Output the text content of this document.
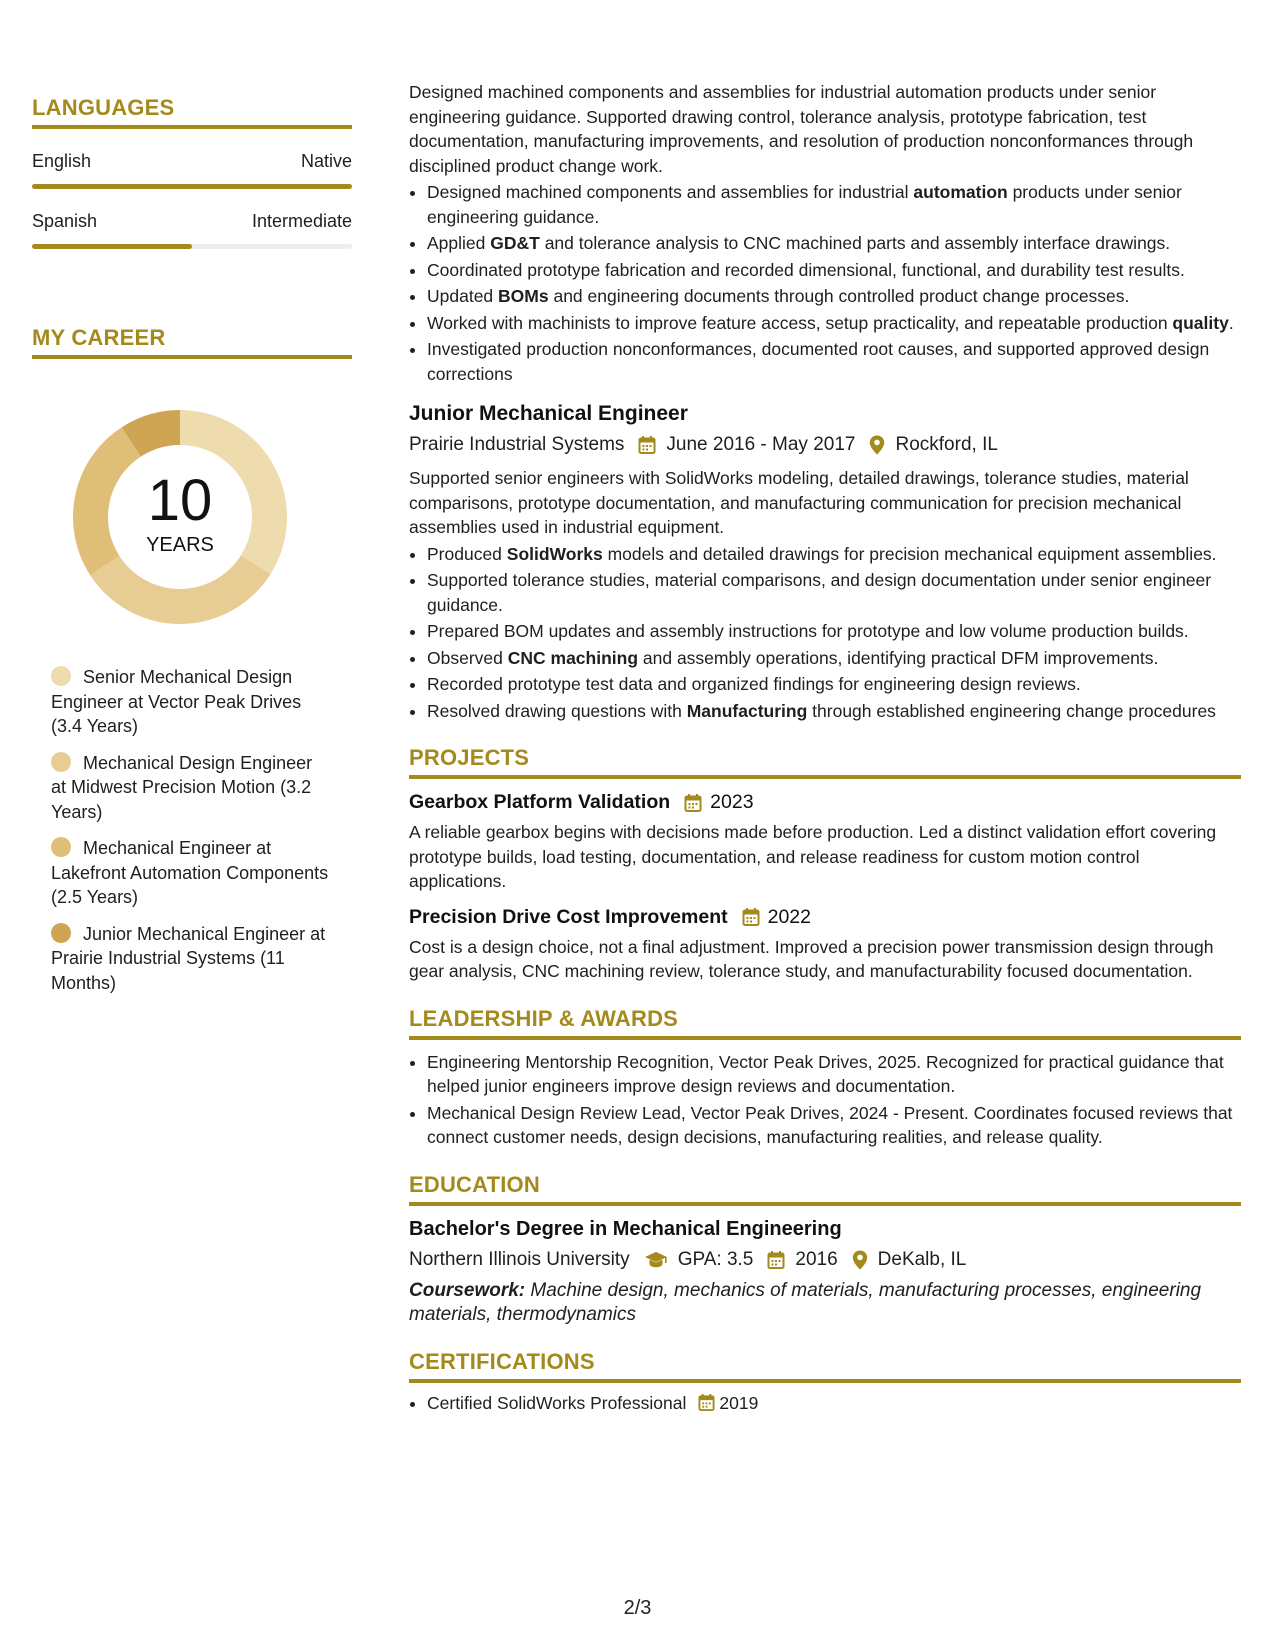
LANGUAGES
English	Native
Spanish	Intermediate
MY CAREER
10
YEARS
Senior Mechanical Design Engineer at Vector Peak Drives (3.4 Years)
Mechanical Design Engineer at Midwest Precision Motion (3.2 Years)
Mechanical Engineer at Lakefront Automation Components (2.5 Years)
Junior Mechanical Engineer at Prairie Industrial Systems (11 Months)

Designed machined components and assemblies for industrial automation products under senior engineering guidance. Supported drawing control, tolerance analysis, prototype fabrication, test documentation, manufacturing improvements, and resolution of production nonconformances through disciplined product change work.

• Designed machined components and assemblies for industrial automation products under senior engineering guidance.
• Applied GD&T and tolerance analysis to CNC machined parts and assembly interface drawings.
• Coordinated prototype fabrication and recorded dimensional, functional, and durability test results.
• Updated BOMs and engineering documents through controlled product change processes.
• Worked with machinists to improve feature access, setup practicality, and repeatable production quality.
• Investigated production nonconformances, documented root causes, and supported approved design corrections
Junior Mechanical Engineer
Prairie Industrial Systems June 2016 - May 2017 Rockford, IL

Supported senior engineers with SolidWorks modeling, detailed drawings, tolerance studies, material comparisons, prototype documentation, and manufacturing communication for precision mechanical assemblies used in industrial equipment.

• Produced SolidWorks models and detailed drawings for precision mechanical equipment assemblies.
• Supported tolerance studies, material comparisons, and design documentation under senior engineer guidance.
• Prepared BOM updates and assembly instructions for prototype and low volume production builds.
• Observed CNC machining and assembly operations, identifying practical DFM improvements.
• Recorded prototype test data and organized findings for engineering design reviews.
• Resolved drawing questions with Manufacturing through established engineering change procedures
PROJECTS
Gearbox Platform Validation 2023

A reliable gearbox begins with decisions made before production. Led a distinct validation effort covering prototype builds, load testing, documentation, and release readiness for custom motion control applications.

Precision Drive Cost Improvement 2022

Cost is a design choice, not a final adjustment. Improved a precision power transmission design through gear analysis, CNC machining review, tolerance study, and manufacturability focused documentation.

LEADERSHIP & AWARDS
• Engineering Mentorship Recognition, Vector Peak Drives, 2025. Recognized for practical guidance that helped junior engineers improve design reviews and documentation.
• Mechanical Design Review Lead, Vector Peak Drives, 2024 - Present. Coordinates focused reviews that connect customer needs, design decisions, manufacturing realities, and release quality.
EDUCATION
Bachelor's Degree in Mechanical Engineering
Northern Illinois University	GPA: 3.5 2016 DeKalb, IL
Coursework: Machine design, mechanics of materials, manufacturing processes, engineering materials, thermodynamics
CERTIFICATIONS
• Certified SolidWorks Professional 2019
2/3
